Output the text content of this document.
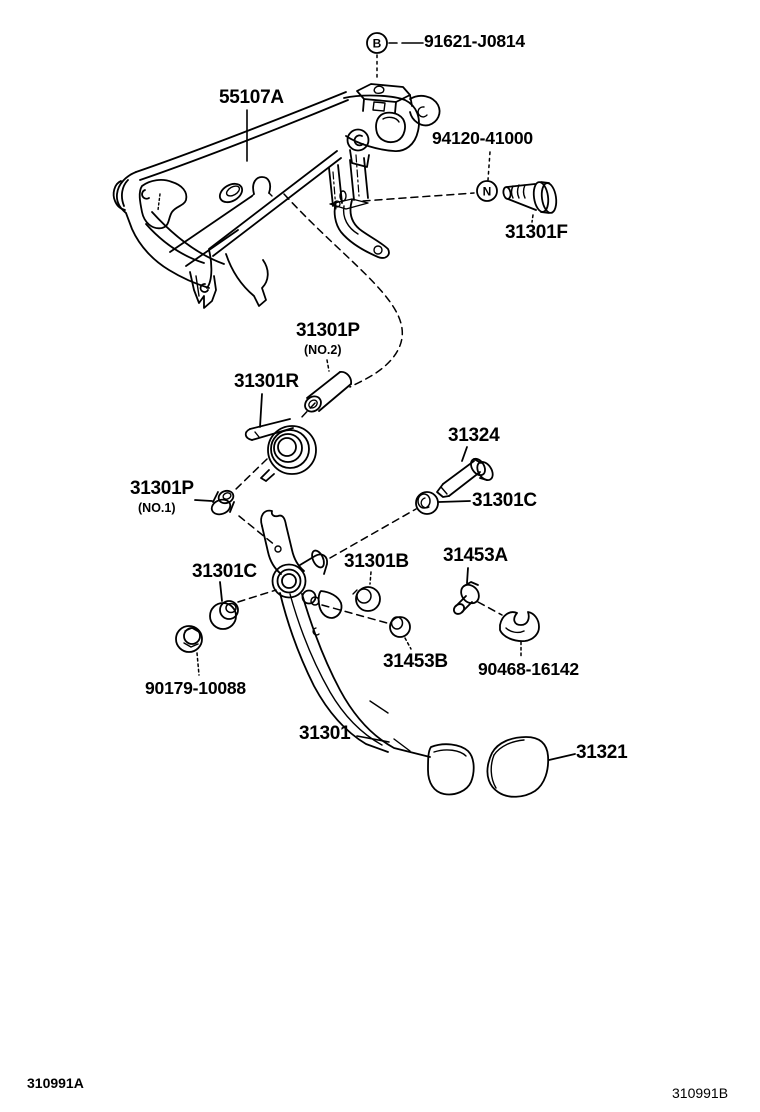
B
N
91621-J0814
55107A
94120-41000
31301F
31301P
(NO.2)
31301R
31324
31301C
31301P
(NO.1)
31301C	31301B 31453A
31453B 90468-16142
90179-10088
31301
31321
310991A
310991B
